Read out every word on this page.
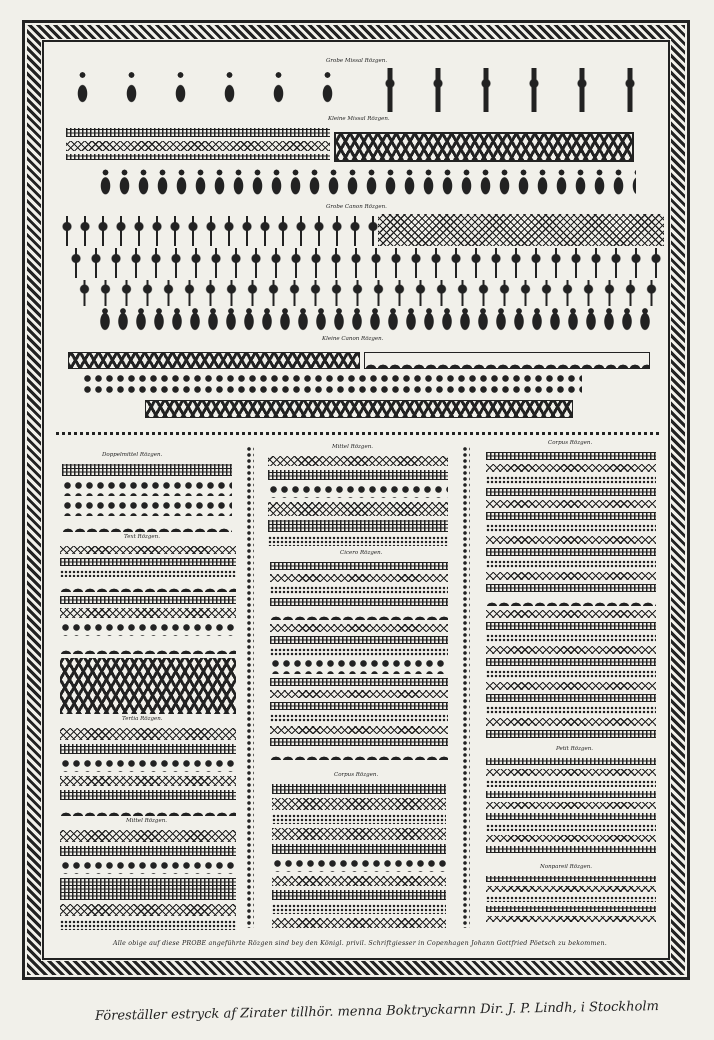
Grobe Missal Rözgen.
Kleine Missal Rözgen.
Grobe Canon Rözgen.
Kleine Canon Rözgen.
Doppelmittel Rözgen.
Text Rözgen.
Tertia Rözgen.
Mittel Rözgen.
Mittel Rözgen.
Cicero Rözgen.
Corpus Rözgen.
Corpus Rözgen.
Petit Rözgen.
Nonpareil Rözgen.
Alle obige auf diese PROBE angeführte Rözgen sind bey den Königl. privil. Schriftgiesser in Copenhagen Johann Gottfried Pöetsch zu bekommen.
Föreställer estryck af Zirater tillhör. menna Boktryckarnn Dir. J. P. Lindh, i Stockholm
